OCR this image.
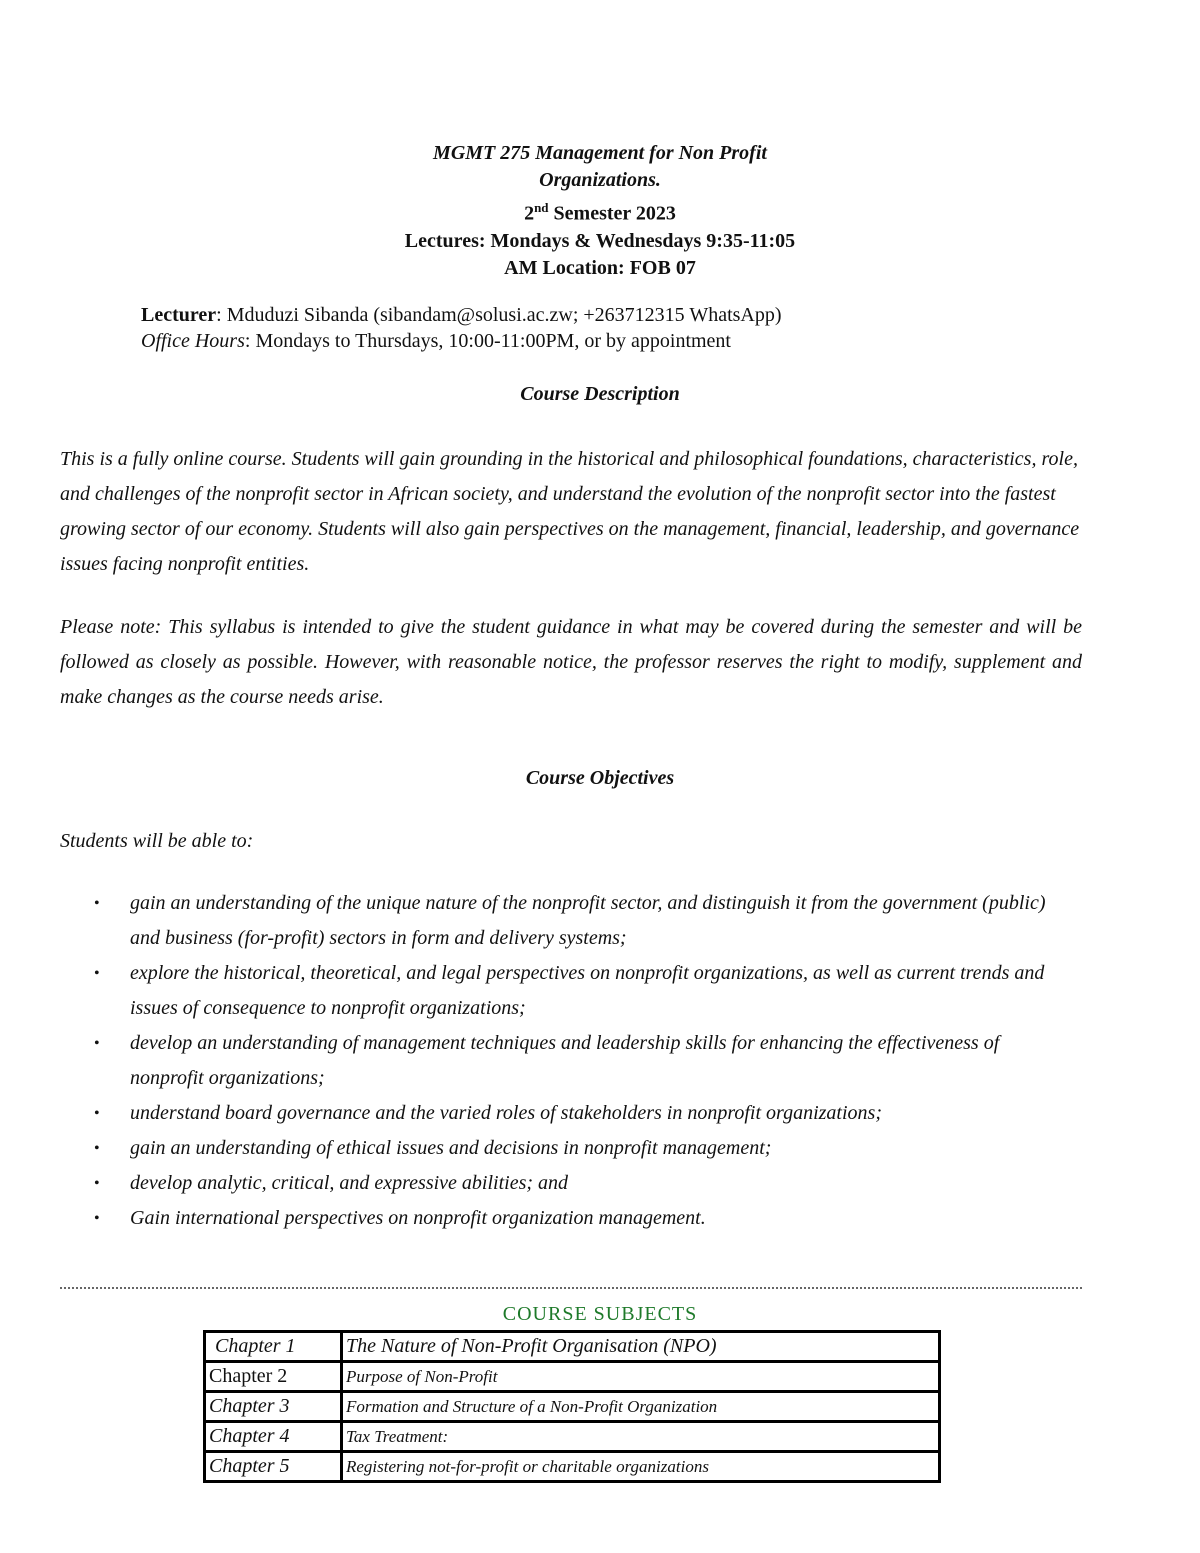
MGMT 275 Management for Non Profit
Organizations.
2nd Semester 2023
Lectures: Mondays & Wednesdays 9:35-11:05
AM Location: FOB 07
Lecturer: Mduduzi Sibanda (sibandam@solusi.ac.zw; +263712315 WhatsApp)
Office Hours: Mondays to Thursdays, 10:00-11:00PM, or by appointment
Course Description
This is a fully online course. Students will gain grounding in the historical and philosophical foundations, characteristics, role, and challenges of the nonprofit sector in African society, and understand the evolution of the nonprofit sector into the fastest growing sector of our economy. Students will also gain perspectives on the management, financial, leadership, and governance issues facing nonprofit entities.
Please note: This syllabus is intended to give the student guidance in what may be covered during the semester and will be followed as closely as possible. However, with reasonable notice, the professor reserves the right to modify, supplement and make changes as the course needs arise.
Course Objectives
Students will be able to:
• gain an understanding of the unique nature of the nonprofit sector, and distinguish it from the government (public) and business (for-profit) sectors in form and delivery systems;
• explore the historical, theoretical, and legal perspectives on nonprofit organizations, as well as current trends and issues of consequence to nonprofit organizations;
• develop an understanding of management techniques and leadership skills for enhancing the effectiveness of nonprofit organizations;
• understand board governance and the varied roles of stakeholders in nonprofit organizations;
• gain an understanding of ethical issues and decisions in nonprofit management;
• develop analytic, critical, and expressive abilities; and
• Gain international perspectives on nonprofit organization management.
COURSE SUBJECTS
Chapter 1	The Nature of Non-Profit Organisation (NPO)
Chapter 2	Purpose of Non-Profit
Chapter 3	Formation and Structure of a Non-Profit Organization
Chapter 4	Tax Treatment:
Chapter 5	Registering not-for-profit or charitable organizations
